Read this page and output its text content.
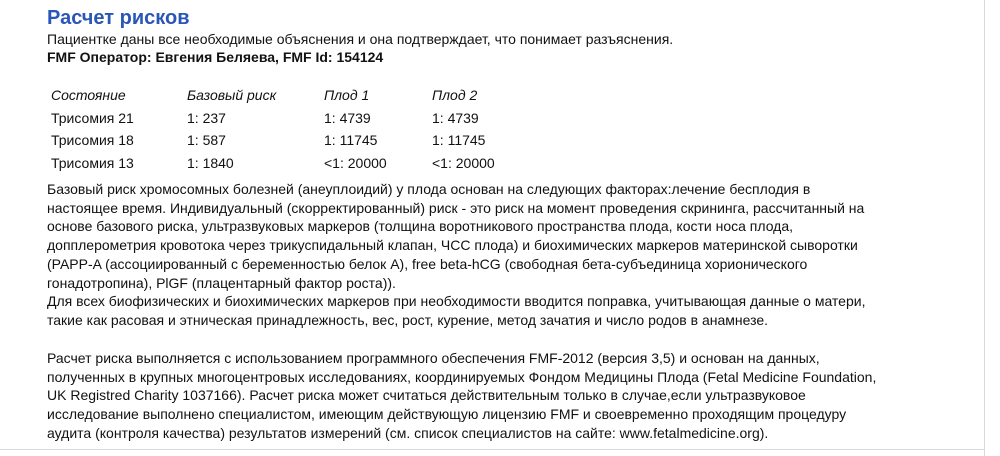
Расчет рисков
Пациентке даны все необходимые объяснения и она подтверждает, что понимает разъяснения.
FMF Оператор: Евгения Беляева, FMF Id: 154124
Состояние	Базовый риск	Плод 1	Плод 2
Трисомия 21	1: 237	1: 4739	1: 4739
Трисомия 18	1: 587	1: 11745	1: 11745
Трисомия 13	1: 1840	<1: 20000	<1: 20000

Базовый риск хромосомных болезней (анеуплоидий) у плода основан на следующих факторах:лечение бесплодия в
настоящее время. Индивидуальный (скорректированный) риск - это риск на момент проведения скрининга, рассчитанный на
основе базового риска, ультразвуковых маркеров (толщина воротникового пространства плода, кости носа плода,
допплерометрия кровотока через трикуспидальный клапан, ЧСС плода) и биохимических маркеров материнской сыворотки
(PAPP-A (ассоциированный с беременностью белок А), free beta-hCG (свободная бета-субъединица хорионического
гонадотропина), PlGF (плацентарный фактор роста)).
Для всех биофизических и биохимических маркеров при необходимости вводится поправка, учитывающая данные о матери,
такие как расовая и этническая принадлежность, вес, рост, курение, метод зачатия и число родов в анамнезе.

Расчет риска выполняется с использованием программного обеспечения FMF-2012 (версия 3,5) и основан на данных,
полученных в крупных многоцентровых исследованиях, координируемых Фондом Медицины Плода (Fetal Medicine Foundation,
UK Registred Charity 1037166). Расчет риска может считаться действительным только в случае,если ультразвуковое
исследование выполнено специалистом, имеющим действующую лицензию FMF и своевременно проходящим процедуру
аудита (контроля качества) результатов измерений (см. список специалистов на сайте: www.fetalmedicine.org).
